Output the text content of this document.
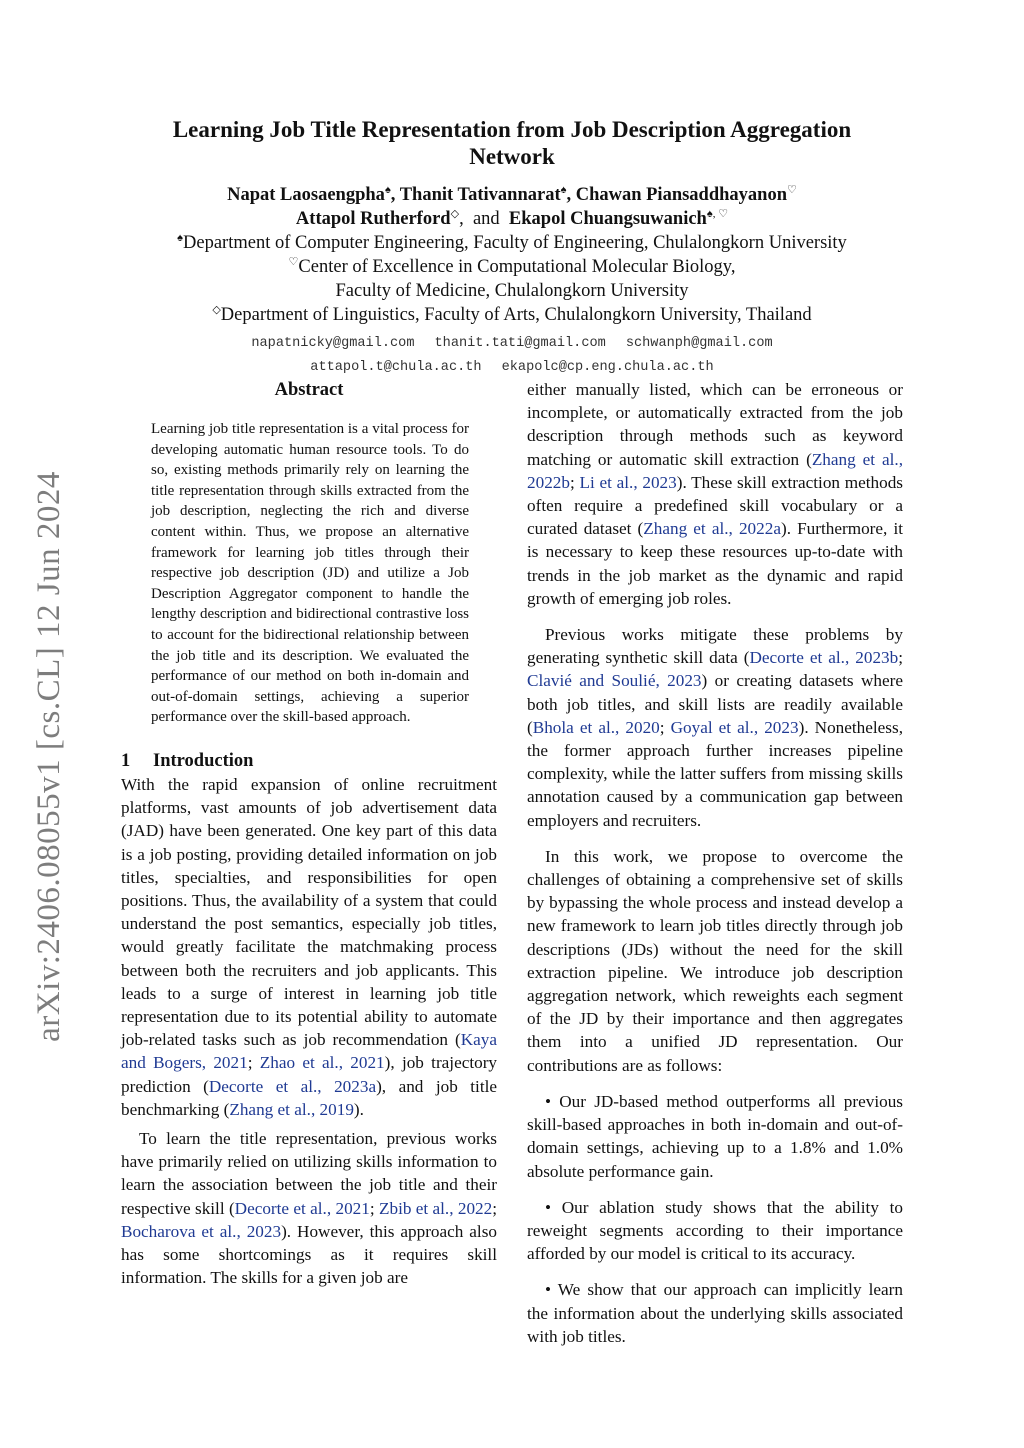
arXiv:2406.08055v1 [cs.CL] 12 Jun 2024
Learning Job Title Representation from Job Description Aggregation
Network
Napat Laosaengpha♠, Thanit Tativannarat♠, Chawan Piansaddhayanon♡
Attapol Rutherford◇,  and Ekapol Chuangsuwanich♠, ♡
♠Department of Computer Engineering, Faculty of Engineering, Chulalongkorn University
♡Center of Excellence in Computational Molecular Biology,
Faculty of Medicine, Chulalongkorn University
◇Department of Linguistics, Faculty of Arts, Chulalongkorn University, Thailand
napatnicky@gmail.com thanit.tati@gmail.com schwanph@gmail.com
attapol.t@chula.ac.th ekapolc@cp.eng.chula.ac.th
Abstract
Learning job title representation is a vital process for developing automatic human resource tools. To do so, existing methods primarily rely on learning the title representation through skills extracted from the job description, neglecting the rich and diverse content within. Thus, we propose an alternative framework for learning job titles through their respective job description (JD) and utilize a Job Description Aggregator component to handle the lengthy description and bidirectional contrastive loss to account for the bidirectional relationship between the job title and its description. We evaluated the performance of our method on both in-domain and out-of-domain settings, achieving a superior performance over the skill-based approach.
1 Introduction

With the rapid expansion of online recruitment platforms, vast amounts of job advertisement data (JAD) have been generated. One key part of this data is a job posting, providing detailed information on job titles, specialties, and responsibilities for open positions. Thus, the availability of a system that could understand the post semantics, especially job titles, would greatly facilitate the matchmaking process between both the recruiters and job applicants. This leads to a surge of interest in learning job title representation due to its potential ability to automate job-related tasks such as job recommendation (Kaya and Bogers, 2021; Zhao et al., 2021), job trajectory prediction (Decorte et al., 2023a), and job title benchmarking (Zhang et al., 2019).

To learn the title representation, previous works have primarily relied on utilizing skills information to learn the association between the job title and their respective skill (Decorte et al., 2021; Zbib et al., 2022; Bocharova et al., 2023). However, this approach also has some shortcomings as it requires skill information. The skills for a given job are

either manually listed, which can be erroneous or incomplete, or automatically extracted from the job description through methods such as keyword matching or automatic skill extraction (Zhang et al., 2022b; Li et al., 2023). These skill extraction methods often require a predefined skill vocabulary or a curated dataset (Zhang et al., 2022a). Furthermore, it is necessary to keep these resources up-to-date with trends in the job market as the dynamic and rapid growth of emerging job roles.

Previous works mitigate these problems by generating synthetic skill data (Decorte et al., 2023b; Clavié and Soulié, 2023) or creating datasets where both job titles, and skill lists are readily available (Bhola et al., 2020; Goyal et al., 2023). Nonetheless, the former approach further increases pipeline complexity, while the latter suffers from missing skills annotation caused by a communication gap between employers and recruiters.

In this work, we propose to overcome the challenges of obtaining a comprehensive set of skills by bypassing the whole process and instead develop a new framework to learn job titles directly through job descriptions (JDs) without the need for the skill extraction pipeline. We introduce job description aggregation network, which reweights each segment of the JD by their importance and then aggregates them into a unified JD representation. Our contributions are as follows:

• Our JD-based method outperforms all previous skill-based approaches in both in-domain and out-of-domain settings, achieving up to a 1.8% and 1.0% absolute performance gain.

• Our ablation study shows that the ability to reweight segments according to their importance afforded by our model is critical to its accuracy.

• We show that our approach can implicitly learn the information about the underlying skills associated with job titles.
